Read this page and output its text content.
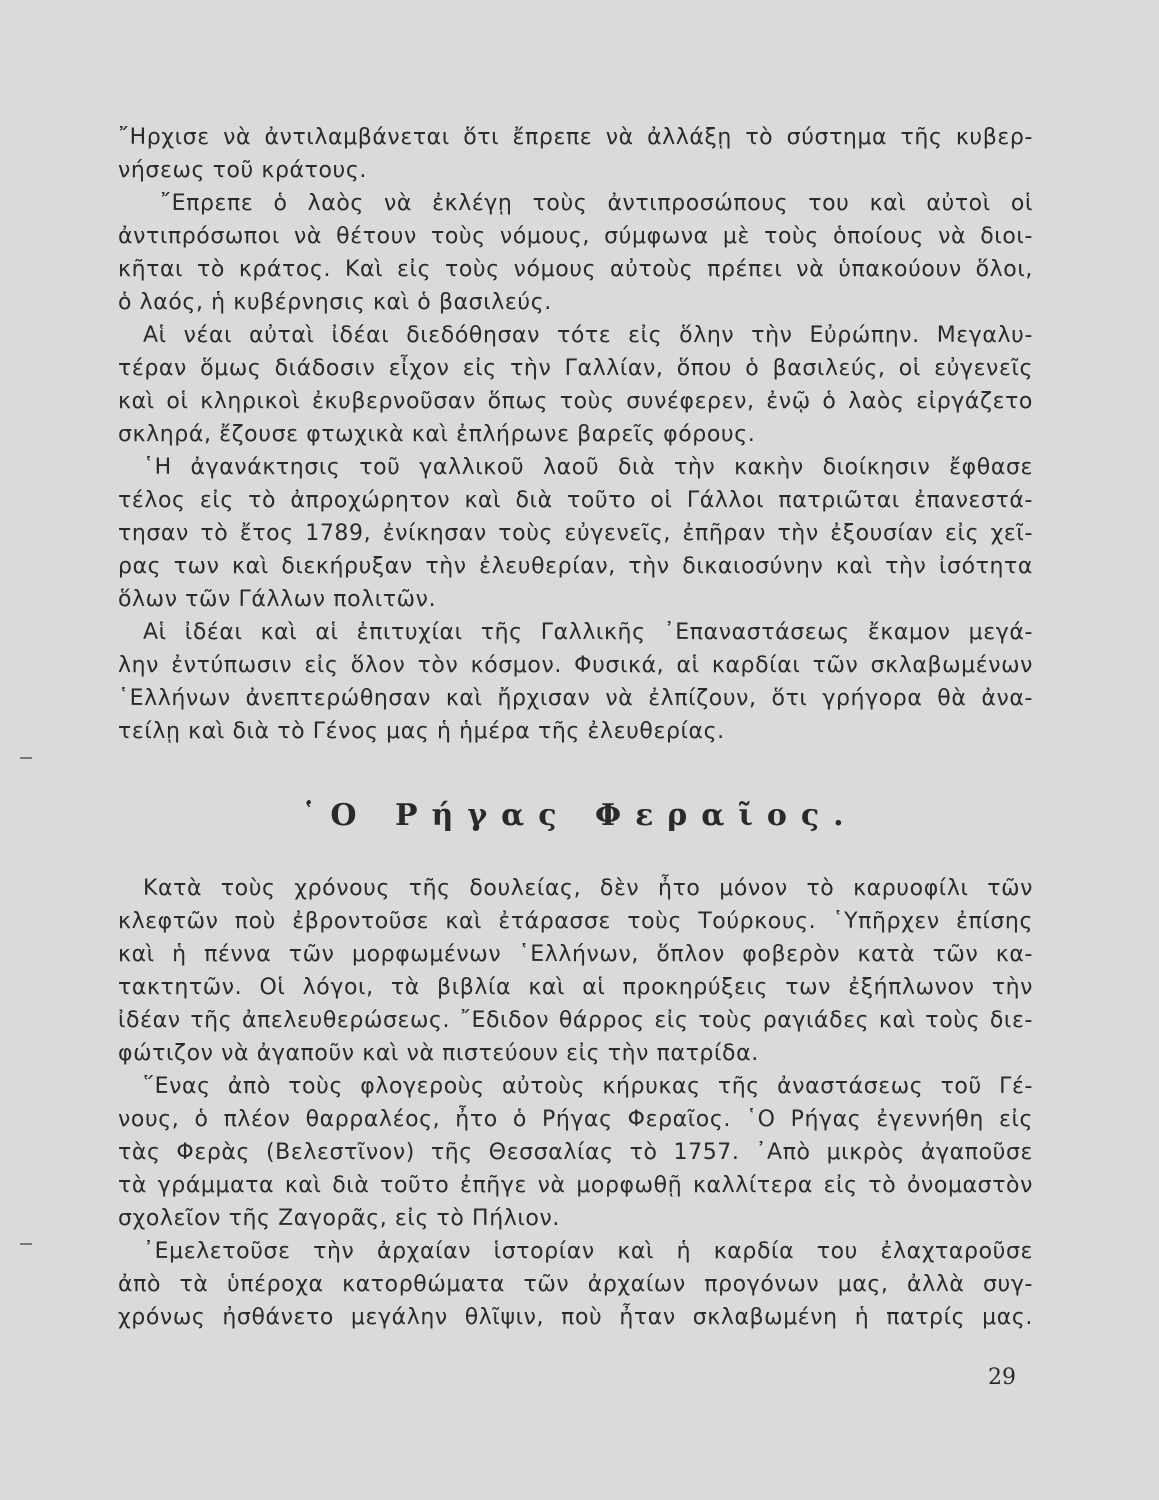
῎Ηρχισε νὰ ἀντιλαμβάνεται ὅτι ἔπρεπε νὰ ἀλλάξῃ τὸ σύστημα τῆς κυβερ-
νήσεως τοῦ κράτους.
῎Επρεπε ὁ λαὸς νὰ ἐκλέγῃ τοὺς ἀντιπροσώπους του καὶ αὐτοὶ οἱ
ἀντιπρόσωποι νὰ θέτουν τοὺς νόμους, σύμφωνα μὲ τοὺς ὁποίους νὰ διοι-
κῆται τὸ κράτος. Καὶ εἰς τοὺς νόμους αὐτοὺς πρέπει νὰ ὑπακούουν ὅλοι,
ὁ λαός, ἡ κυβέρνησις καὶ ὁ βασιλεύς.
Αἱ νέαι αὐταὶ ἰδέαι διεδόθησαν τότε εἰς ὅλην τὴν Εὐρώπην. Μεγαλυ-
τέραν ὅμως διάδοσιν εἶχον εἰς τὴν Γαλλίαν, ὅπου ὁ βασιλεύς, οἱ εὐγενεῖς
καὶ οἱ κληρικοὶ ἐκυβερνοῦσαν ὅπως τοὺς συνέφερεν, ἐνῷ ὁ λαὸς εἰργάζετο
σκληρά, ἔζουσε φτωχικὰ καὶ ἐπλήρωνε βαρεῖς φόρους.
῾Η ἀγανάκτησις τοῦ γαλλικοῦ λαοῦ διὰ τὴν κακὴν διοίκησιν ἔφθασε
τέλος εἰς τὸ ἀπροχώρητον καὶ διὰ τοῦτο οἱ Γάλλοι πατριῶται ἐπανεστά-
τησαν τὸ ἔτος 1789, ἐνίκησαν τοὺς εὐγενεῖς, ἐπῆραν τὴν ἐξουσίαν εἰς χεῖ-
ρας των καὶ διεκήρυξαν τὴν ἐλευθερίαν, τὴν δικαιοσύνην καὶ τὴν ἰσότητα
ὅλων τῶν Γάλλων πολιτῶν.
Αἱ ἰδέαι καὶ αἱ ἐπιτυχίαι τῆς Γαλλικῆς ᾿Επαναστάσεως ἔκαμον μεγά-
λην ἐντύπωσιν εἰς ὅλον τὸν κόσμον. Φυσικά, αἱ καρδίαι τῶν σκλαβωμένων
῾Ελλήνων ἀνεπτερώθησαν καὶ ἤρχισαν νὰ ἐλπίζουν, ὅτι γρήγορα θὰ ἀνα-
τείλῃ καὶ διὰ τὸ Γένος μας ἡ ἡμέρα τῆς ἐλευθερίας.
῾Ο Ρήγας Φεραῖος.
Κατὰ τοὺς χρόνους τῆς δουλείας, δὲν ἦτο μόνον τὸ καρυοφίλι τῶν
κλεφτῶν ποὺ ἐβροντοῦσε καὶ ἐτάρασσε τοὺς Τούρκους. ῾Υπῆρχεν ἐπίσης
καὶ ἡ πέννα τῶν μορφωμένων ῾Ελλήνων, ὅπλον φοβερὸν κατὰ τῶν κα-
τακτητῶν. Οἱ λόγοι, τὰ βιβλία καὶ αἱ προκηρύξεις των ἐξήπλωνον τὴν
ἰδέαν τῆς ἀπελευθερώσεως. ῎Εδιδον θάρρος εἰς τοὺς ραγιάδες καὶ τοὺς διε-
φώτιζον νὰ ἀγαποῦν καὶ νὰ πιστεύουν εἰς τὴν πατρίδα.
῞Ενας ἀπὸ τοὺς φλογεροὺς αὐτοὺς κήρυκας τῆς ἀναστάσεως τοῦ Γέ-
νους, ὁ πλέον θαρραλέος, ἦτο ὁ Ρήγας Φεραῖος. ῾Ο Ρήγας ἐγεννήθη εἰς
τὰς Φερὰς (Βελεστῖνον) τῆς Θεσσαλίας τὸ 1757. ᾿Απὸ μικρὸς ἀγαποῦσε
τὰ γράμματα καὶ διὰ τοῦτο ἐπῆγε νὰ μορφωθῇ καλλίτερα εἰς τὸ ὀνομαστὸν
σχολεῖον τῆς Ζαγορᾶς, εἰς τὸ Πήλιον.
᾿Εμελετοῦσε τὴν ἀρχαίαν ἱστορίαν καὶ ἡ καρδία του ἐλαχταροῦσε
ἀπὸ τὰ ὑπέροχα κατορθώματα τῶν ἀρχαίων προγόνων μας, ἀλλὰ συγ-
χρόνως ἠσθάνετο μεγάλην θλῖψιν, ποὺ ἦταν σκλαβωμένη ἡ πατρίς μας.
29
